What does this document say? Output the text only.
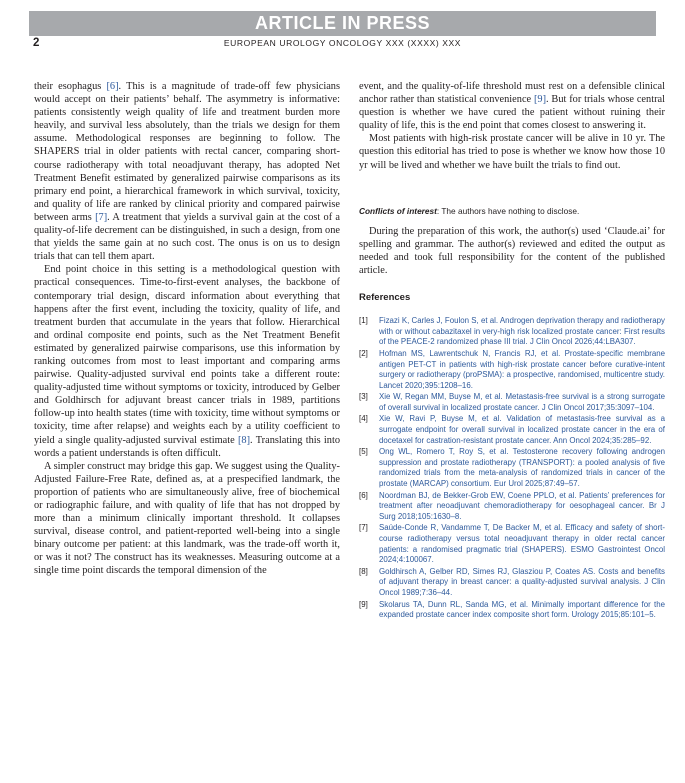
ARTICLE IN PRESS
2	EUROPEAN UROLOGY ONCOLOGY XXX (XXXX) XXX

their esophagus [6]. This is a magnitude of trade-off few physicians would accept on their patients’ behalf. The asymmetry is informative: patients consistently weigh quality of life and treatment burden more heavily, and survival less absolutely, than the trials we design for them assume. Methodological responses are beginning to follow. The SHAPERS trial in older patients with rectal cancer, comparing short-course radiotherapy with total neoadjuvant therapy, has adopted Net Treatment Benefit estimated by generalized pairwise comparisons as its primary end point, a hierarchical framework in which survival, toxicity, and quality of life are ranked by clinical priority and compared pairwise between arms [7]. A treatment that yields a survival gain at the cost of a quality-of-life decrement can be distinguished, in such a design, from one that yields the same gain at no such cost. The onus is on us to design trials that can tell them apart.

End point choice in this setting is a methodological question with practical consequences. Time-to-first-event analyses, the backbone of contemporary trial design, discard information about everything that happens after the first event, including the toxicity, quality of life, and treatment burden that accumulate in the years that follow. Hierarchical and ordinal composite end points, such as the Net Treatment Benefit estimated by generalized pairwise comparisons, use this information by ranking outcomes from most to least important and comparing arms pairwise. Quality-adjusted survival end points take a different route: quality-adjusted time without symptoms or toxicity, introduced by Gelber and Goldhirsch for adjuvant breast cancer trials in 1989, partitions follow-up into health states (time with toxicity, time without symptoms or toxicity, time after relapse) and weights each by a utility coefficient to yield a single quality-adjusted survival estimate [8]. Translating this into words a patient understands is often difficult.

A simpler construct may bridge this gap. We suggest using the Quality-Adjusted Failure-Free Rate, defined as, at a prespecified landmark, the proportion of patients who are simultaneously alive, free of biochemical or radiographic failure, and with quality of life that has not dropped by more than a minimum clinically important threshold. It collapses survival, disease control, and patient-reported well-being into a single binary outcome per patient: at this landmark, was the trade-off worth it, or was it not? The construct has its weaknesses. Measuring outcome at a single time point discards the temporal dimension of the

event, and the quality-of-life threshold must rest on a defensible clinical anchor rather than statistical convenience [9]. But for trials whose central question is whether we have cured the patient without ruining their quality of life, this is the end point that comes closest to answering it.

Most patients with high-risk prostate cancer will be alive in 10 yr. The question this editorial has tried to pose is whether we know how those 10 yr will be lived and whether we have built the trials to find out.

Conflicts of interest: The authors have nothing to disclose.

During the preparation of this work, the author(s) used ‘Claude.ai’ for spelling and grammar. The author(s) reviewed and edited the output as needed and took full responsibility for the content of the published article.

References
[1]	Fizazi K, Carles J, Foulon S, et al. Androgen deprivation therapy and radiotherapy with or without cabazitaxel in very-high risk localized prostate cancer: First results of the PEACE-2 randomized phase III trial. J Clin Oncol 2026;44:LBA307.
[2]	Hofman MS, Lawrentschuk N, Francis RJ, et al. Prostate-specific membrane antigen PET-CT in patients with high-risk prostate cancer before curative-intent surgery or radiotherapy (proPSMA): a prospective, randomised, multicentre study. Lancet 2020;395:1208–16.
[3]	Xie W, Regan MM, Buyse M, et al. Metastasis-free survival is a strong surrogate of overall survival in localized prostate cancer. J Clin Oncol 2017;35:3097–104.
[4]	Xie W, Ravi P, Buyse M, et al. Validation of metastasis-free survival as a surrogate endpoint for overall survival in localized prostate cancer in the era of docetaxel for castration-resistant prostate cancer. Ann Oncol 2024;35:285–92.
[5]	Ong WL, Romero T, Roy S, et al. Testosterone recovery following androgen suppression and prostate radiotherapy (TRANSPORT): a pooled analysis of five randomized trials from the meta-analysis of randomized trials in cancer of the prostate (MARCAP) consortium. Eur Urol 2025;87:49–57.
[6]	Noordman BJ, de Bekker-Grob EW, Coene PPLO, et al. Patients’ preferences for treatment after neoadjuvant chemoradiotherapy for oesophageal cancer. Br J Surg 2018;105:1630–8.
[7]	Saúde-Conde R, Vandamme T, De Backer M, et al. Efficacy and safety of short-course radiotherapy versus total neoadjuvant therapy in older rectal cancer patients: a randomised pragmatic trial (SHAPERS). ESMO Gastrointest Oncol 2024;4:100067.
[8]	Goldhirsch A, Gelber RD, Simes RJ, Glasziou P, Coates AS. Costs and benefits of adjuvant therapy in breast cancer: a quality-adjusted survival analysis. J Clin Oncol 1989;7:36–44.
[9]	Skolarus TA, Dunn RL, Sanda MG, et al. Minimally important difference for the expanded prostate cancer index composite short form. Urology 2015;85:101–5.
